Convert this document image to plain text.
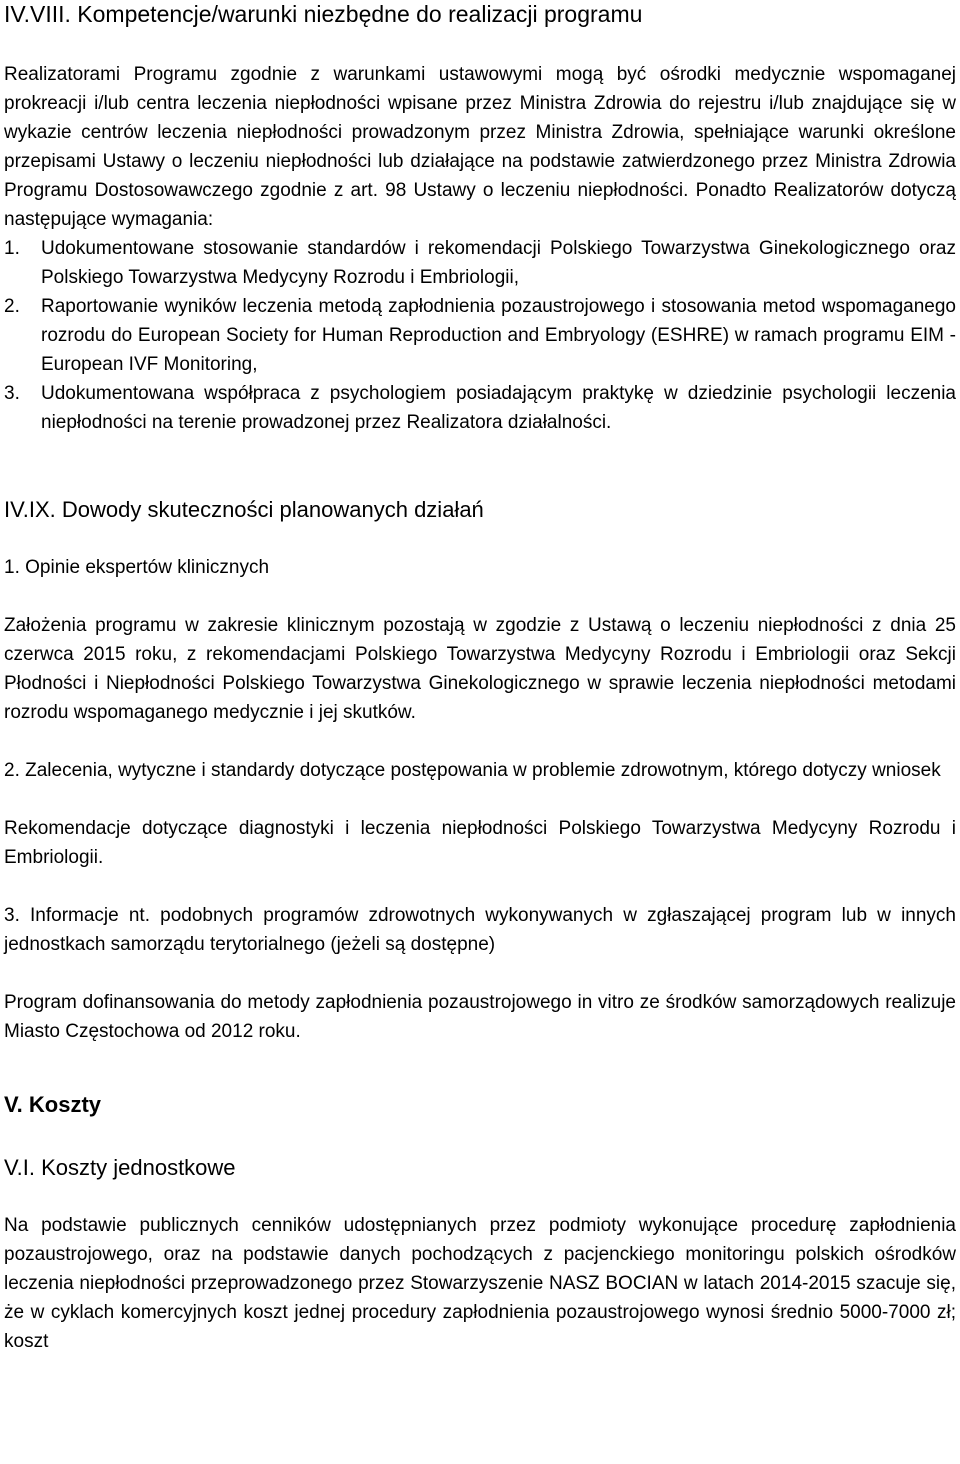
IV.VIII. Kompetencje/warunki niezbędne do realizacji programu

Realizatorami Programu zgodnie z warunkami ustawowymi mogą być ośrodki medycznie wspomaganej prokreacji i/lub centra leczenia niepłodności wpisane przez Ministra Zdrowia do rejestru i/lub znajdujące się w wykazie centrów leczenia niepłodności prowadzonym przez Ministra Zdrowia, spełniające warunki określone przepisami Ustawy o leczeniu niepłodności lub działające na podstawie zatwierdzonego przez Ministra Zdrowia Programu Dostosowawczego zgodnie z art. 98 Ustawy o leczeniu niepłodności. Ponadto Realizatorów dotyczą następujące wymagania:

1. Udokumentowane stosowanie standardów i rekomendacji Polskiego Towarzystwa Ginekologicznego oraz Polskiego Towarzystwa Medycyny Rozrodu i Embriologii,
2. Raportowanie wyników leczenia metodą zapłodnienia pozaustrojowego i stosowania metod wspomaganego rozrodu do European Society for Human Reproduction and Embryology (ESHRE) w ramach programu EIM - European IVF Monitoring,
3. Udokumentowana współpraca z psychologiem posiadającym praktykę w dziedzinie psychologii leczenia niepłodności na terenie prowadzonej przez Realizatora działalności.
IV.IX. Dowody skuteczności planowanych działań
1. Opinie ekspertów klinicznych

Założenia programu w zakresie klinicznym pozostają w zgodzie z Ustawą o leczeniu niepłodności z dnia 25 czerwca 2015 roku, z rekomendacjami Polskiego Towarzystwa Medycyny Rozrodu i Embriologii oraz Sekcji Płodności i Niepłodności Polskiego Towarzystwa Ginekologicznego w sprawie leczenia niepłodności metodami rozrodu wspomaganego medycznie i jej skutków.

2. Zalecenia, wytyczne i standardy dotyczące postępowania w problemie zdrowotnym, którego dotyczy wniosek

Rekomendacje dotyczące diagnostyki i leczenia niepłodności Polskiego Towarzystwa Medycyny Rozrodu i Embriologii.

3. Informacje nt. podobnych programów zdrowotnych wykonywanych w zgłaszającej program lub w innych jednostkach samorządu terytorialnego (jeżeli są dostępne)

Program dofinansowania do metody zapłodnienia pozaustrojowego in vitro ze środków samorządowych realizuje Miasto Częstochowa od 2012 roku.

V. Koszty
V.I. Koszty jednostkowe

Na podstawie publicznych cenników udostępnianych przez podmioty wykonujące procedurę zapłodnienia pozaustrojowego, oraz na podstawie danych pochodzących z pacjenckiego monitoringu polskich ośrodków leczenia niepłodności przeprowadzonego przez Stowarzyszenie NASZ BOCIAN w latach 2014-2015 szacuje się, że w cyklach komercyjnych koszt jednej procedury zapłodnienia pozaustrojowego wynosi średnio 5000-7000 zł; koszt
